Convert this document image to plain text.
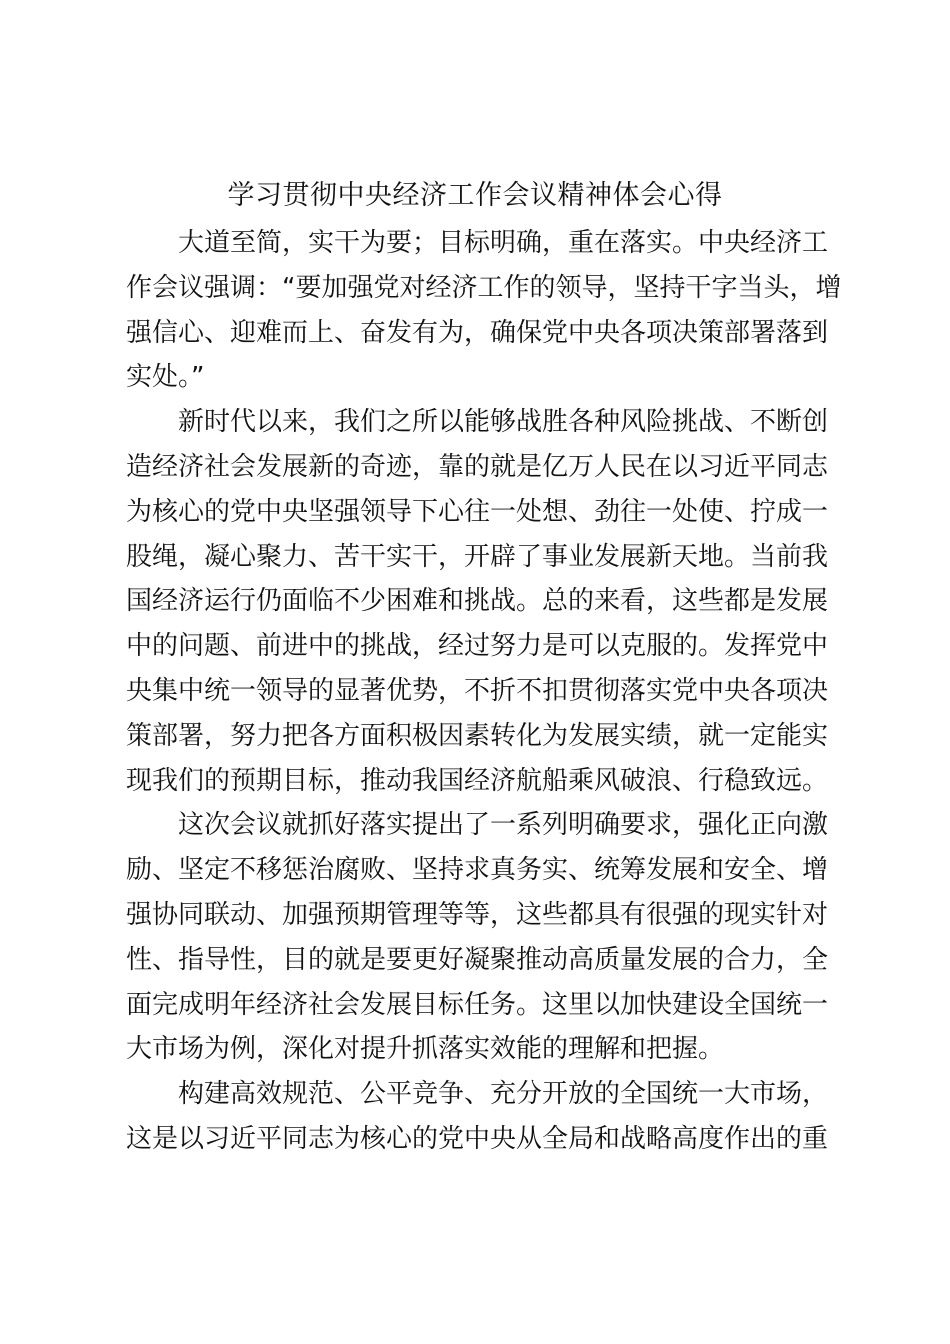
学习贯彻中央经济工作会议精神体会心得
大道至简，实干为要；目标明确，重在落实。中央经济工
作会议强调：“要加强党对经济工作的领导，坚持干字当头，增
强信心、迎难而上、奋发有为，确保党中央各项决策部署落到
实处。”
新时代以来，我们之所以能够战胜各种风险挑战、不断创
造经济社会发展新的奇迹，靠的就是亿万人民在以习近平同志
为核心的党中央坚强领导下心往一处想、劲往一处使、拧成一
股绳，凝心聚力、苦干实干，开辟了事业发展新天地。当前我
国经济运行仍面临不少困难和挑战。总的来看，这些都是发展
中的问题、前进中的挑战，经过努力是可以克服的。发挥党中
央集中统一领导的显著优势，不折不扣贯彻落实党中央各项决
策部署，努力把各方面积极因素转化为发展实绩，就一定能实
现我们的预期目标，推动我国经济航船乘风破浪、行稳致远。
这次会议就抓好落实提出了一系列明确要求，强化正向激
励、坚定不移惩治腐败、坚持求真务实、统筹发展和安全、增
强协同联动、加强预期管理等等，这些都具有很强的现实针对
性、指导性，目的就是要更好凝聚推动高质量发展的合力，全
面完成明年经济社会发展目标任务。这里以加快建设全国统一
大市场为例，深化对提升抓落实效能的理解和把握。
构建高效规范、公平竞争、充分开放的全国统一大市场，
这是以习近平同志为核心的党中央从全局和战略高度作出的重
